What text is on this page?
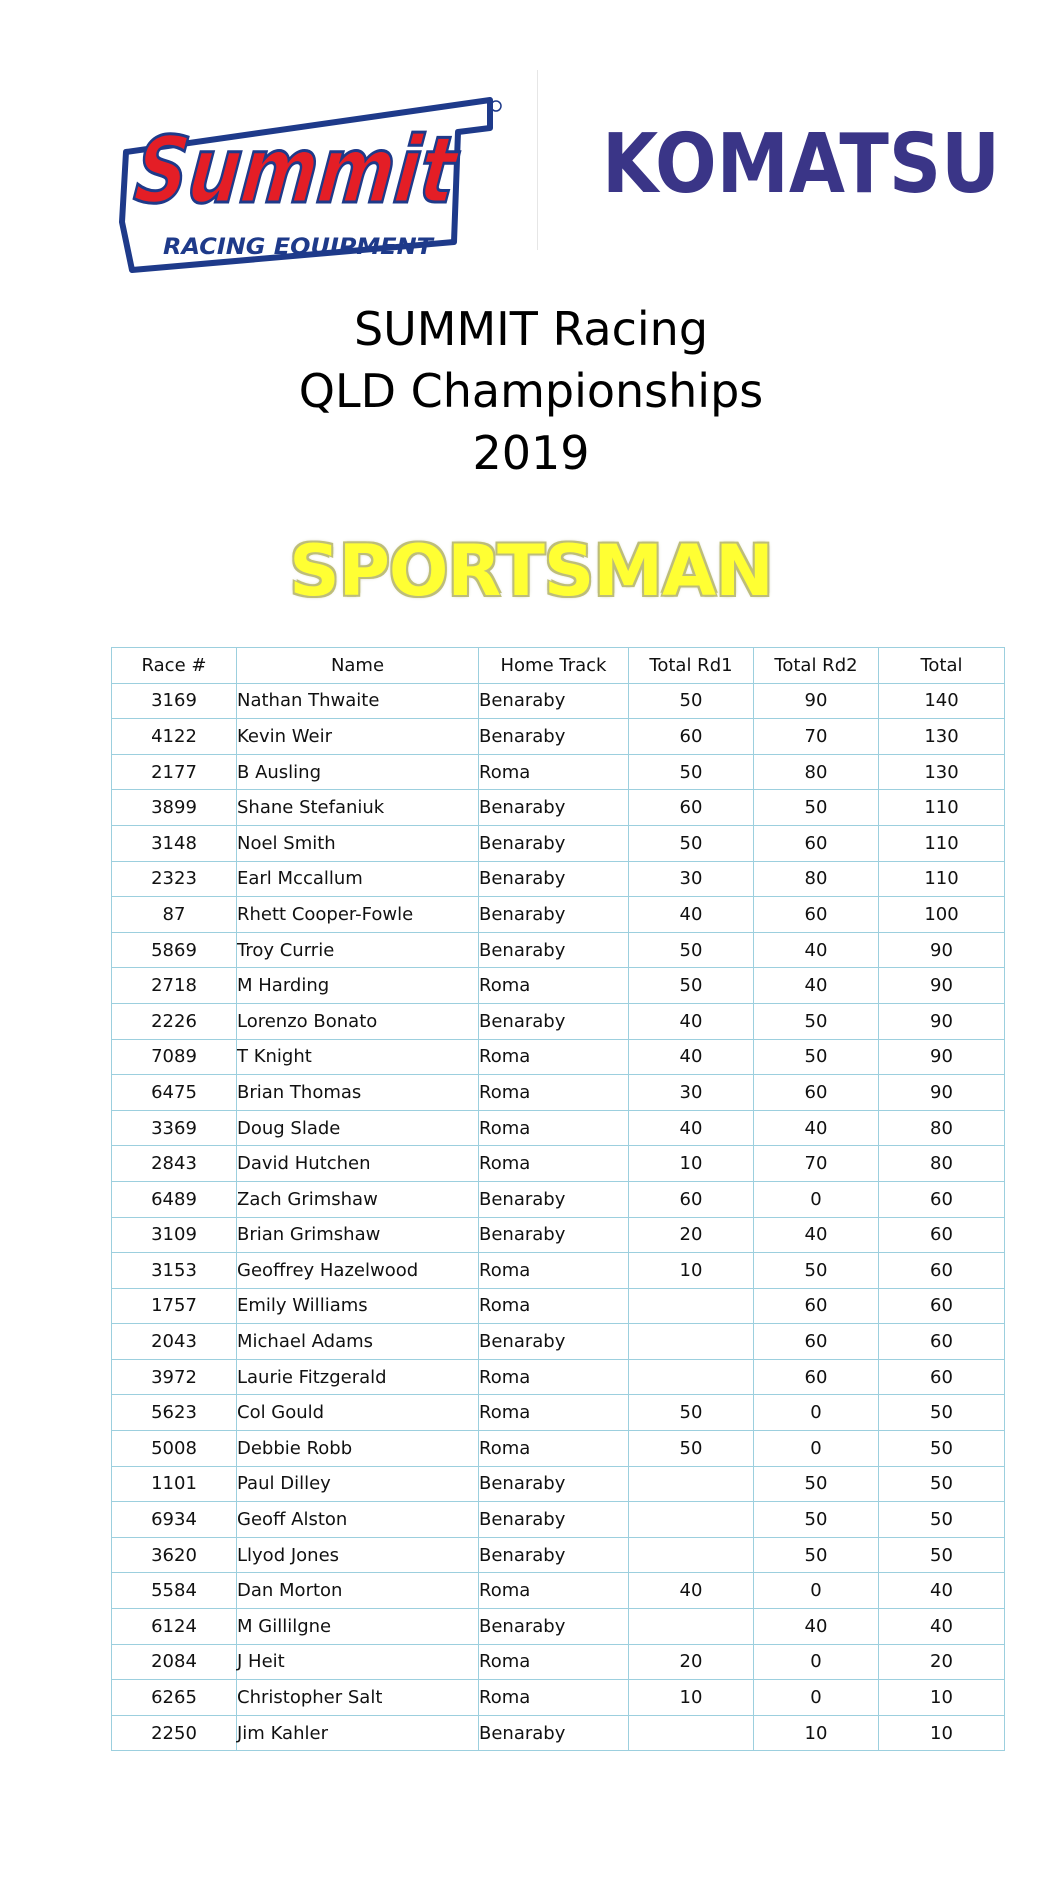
Summit
RACING EQUIPMENT
KOMATSU
SUMMIT Racing
QLD Championships
2019
SPORTSMAN
Race #	Name	Home Track	Total Rd1	Total Rd2	Total
3169	Nathan Thwaite	Benaraby	50	90	140
4122	Kevin Weir	Benaraby	60	70	130
2177	B Ausling	Roma	50	80	130
3899	Shane Stefaniuk	Benaraby	60	50	110
3148	Noel Smith	Benaraby	50	60	110
2323	Earl Mccallum	Benaraby	30	80	110
87	Rhett Cooper-Fowle	Benaraby	40	60	100
5869	Troy Currie	Benaraby	50	40	90
2718	M Harding	Roma	50	40	90
2226	Lorenzo Bonato	Benaraby	40	50	90
7089	T Knight	Roma	40	50	90
6475	Brian Thomas	Roma	30	60	90
3369	Doug Slade	Roma	40	40	80
2843	David Hutchen	Roma	10	70	80
6489	Zach Grimshaw	Benaraby	60	0	60
3109	Brian Grimshaw	Benaraby	20	40	60
3153	Geoffrey Hazelwood	Roma	10	50	60
1757	Emily Williams	Roma		60	60
2043	Michael Adams	Benaraby		60	60
3972	Laurie Fitzgerald	Roma		60	60
5623	Col Gould	Roma	50	0	50
5008	Debbie Robb	Roma	50	0	50
1101	Paul Dilley	Benaraby		50	50
6934	Geoff Alston	Benaraby		50	50
3620	Llyod Jones	Benaraby		50	50
5584	Dan Morton	Roma	40	0	40
6124	M Gillilgne	Benaraby		40	40
2084	J Heit	Roma	20	0	20
6265	Christopher Salt	Roma	10	0	10
2250	Jim Kahler	Benaraby		10	10
